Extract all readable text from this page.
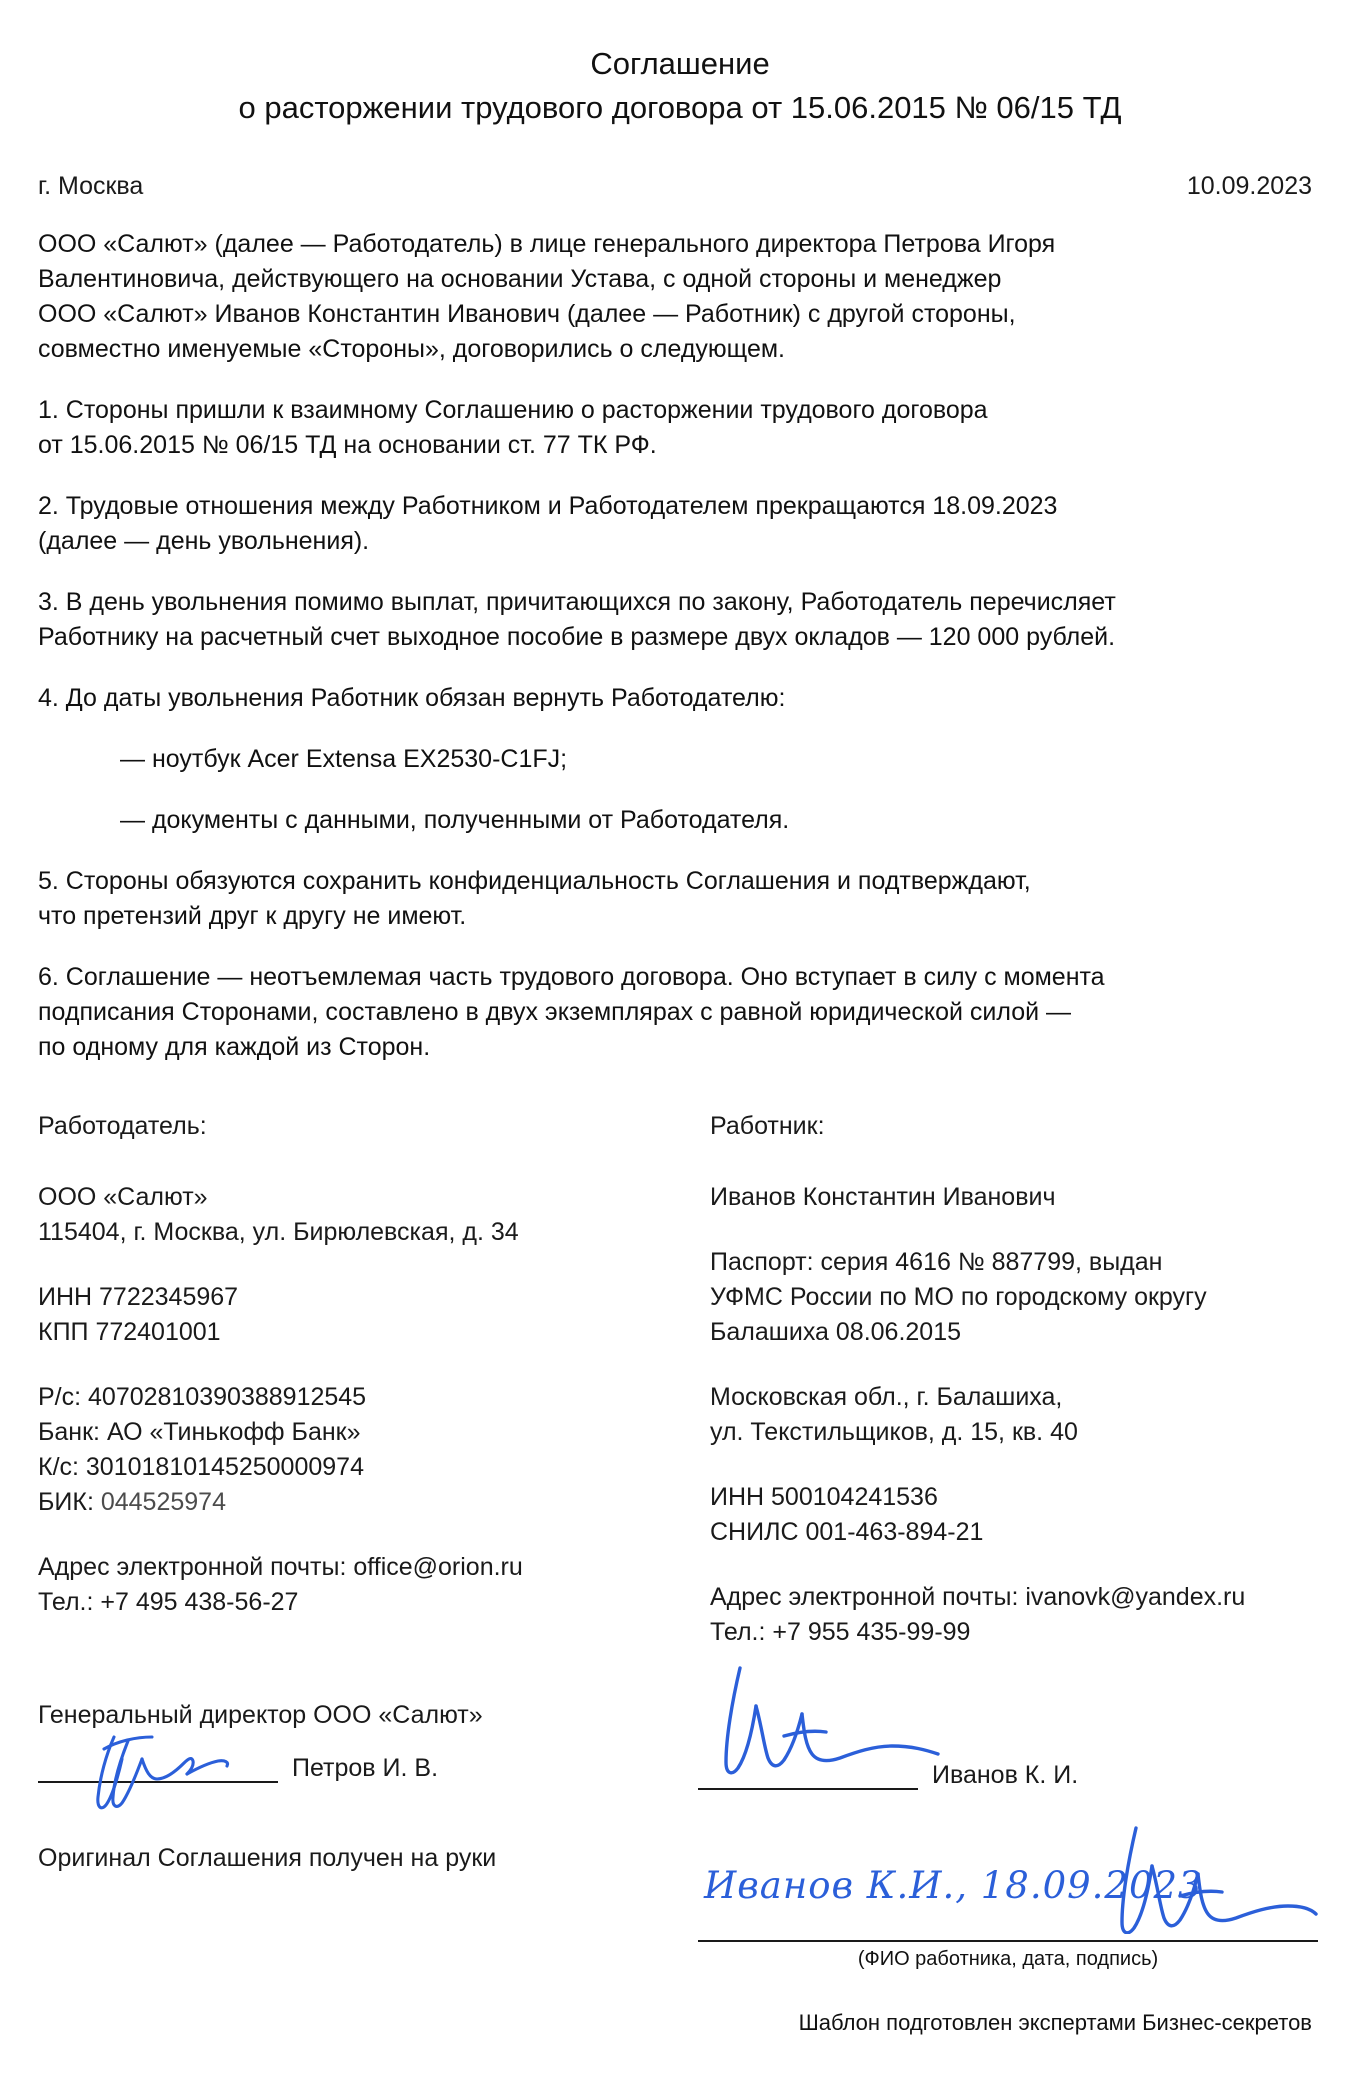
Соглашение
о расторжении трудового договора от 15.06.2015 № 06/15 ТД
г. Москва	10.09.2023

ООО «Салют» (далее — Работодатель) в лице генерального директора Петрова Игоря
Валентиновича, действующего на основании Устава, с одной стороны и менеджер
ООО «Салют» Иванов Константин Иванович (далее — Работник) с другой стороны,
совместно именуемые «Стороны», договорились о следующем.

1. Стороны пришли к взаимному Соглашению о расторжении трудового договора
от 15.06.2015 № 06/15 ТД на основании ст. 77 ТК РФ.

2. Трудовые отношения между Работником и Работодателем прекращаются 18.09.2023
(далее — день увольнения).

3. В день увольнения помимо выплат, причитающихся по закону, Работодатель перечисляет
Работнику на расчетный счет выходное пособие в размере двух окладов — 120 000 рублей.

4. До даты увольнения Работник обязан вернуть Работодателю:

— ноутбук Acer Extensa EX2530-C1FJ;

— документы с данными, полученными от Работодателя.

5. Стороны обязуются сохранить конфиденциальность Соглашения и подтверждают,
что претензий друг к другу не имеют.

6. Соглашение — неотъемлемая часть трудового договора. Оно вступает в силу с момента
подписания Сторонами, составлено в двух экземплярах с равной юридической силой —
по одному для каждой из Сторон.

Работодатель:
ООО «Салют»
115404, г. Москва, ул. Бирюлевская, д. 34
ИНН 7722345967
КПП 772401001
Р/с: 40702810390388912545
Банк: АО «Тинькофф Банк»
К/с: 30101810145250000974
БИК: 044525974
Адрес электронной почты: office@orion.ru
Тел.: +7 495 438-56-27
Работник:
Иванов Константин Иванович
Паспорт: серия 4616 № 887799, выдан
УФМС России по МО по городскому округу
Балашиха 08.06.2015
Московская обл., г. Балашиха,
ул. Текстильщиков, д. 15, кв. 40
ИНН 500104241536
СНИЛС 001-463-894-21
Адрес электронной почты: ivanovk@yandex.ru
Тел.: +7 955 435-99-99
Генеральный директор ООО «Салют»
Петров И. В.
Оригинал Соглашения получен на руки
Иванов К. И.
Иванов К.И., 18.09.2023
(ФИО работника, дата, подпись)
Шаблон подготовлен экспертами Бизнес-секретов
